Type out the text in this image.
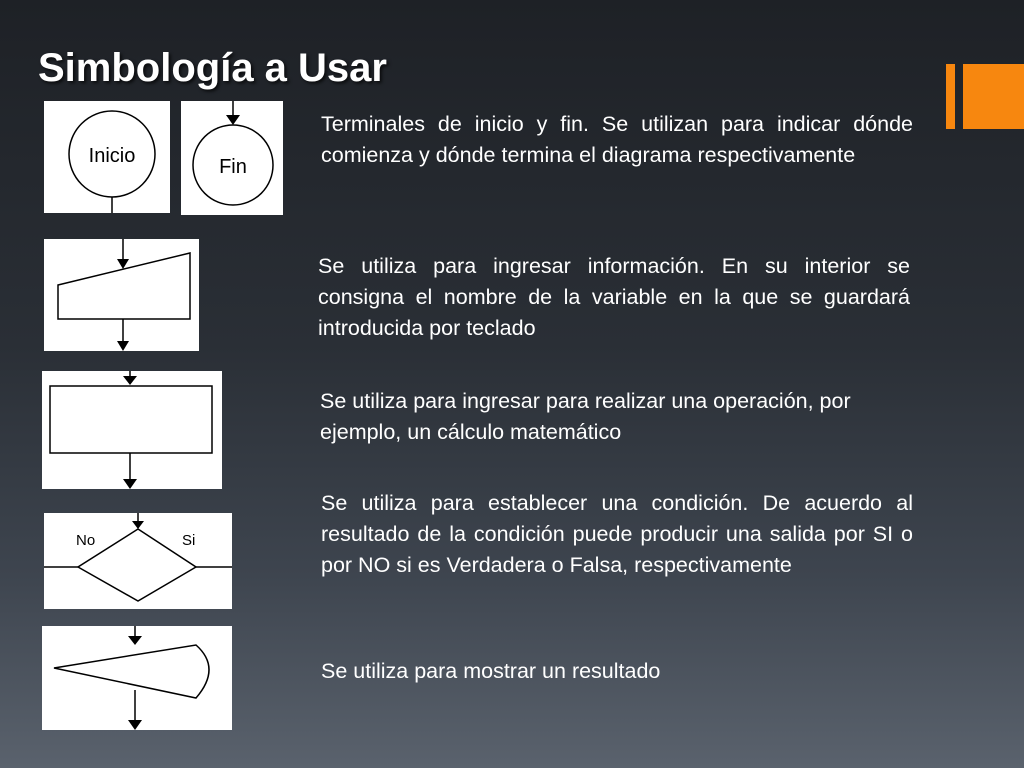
Simbología a Usar
Inicio	Fin

Terminales de inicio y fin. Se utilizan para indicar dónde comienza y dónde termina el diagrama respectivamente

Se utiliza para ingresar información. En su interior se consigna el nombre de la variable en la que se guardará introducida por teclado

Se utiliza para ingresar para realizar una operación, por ejemplo, un cálculo matemático

No	Si

Se utiliza para establecer una condición. De acuerdo al resultado de la condición puede producir una salida por SI o por NO si es Verdadera o Falsa, respectivamente

Se utiliza para mostrar un resultado
